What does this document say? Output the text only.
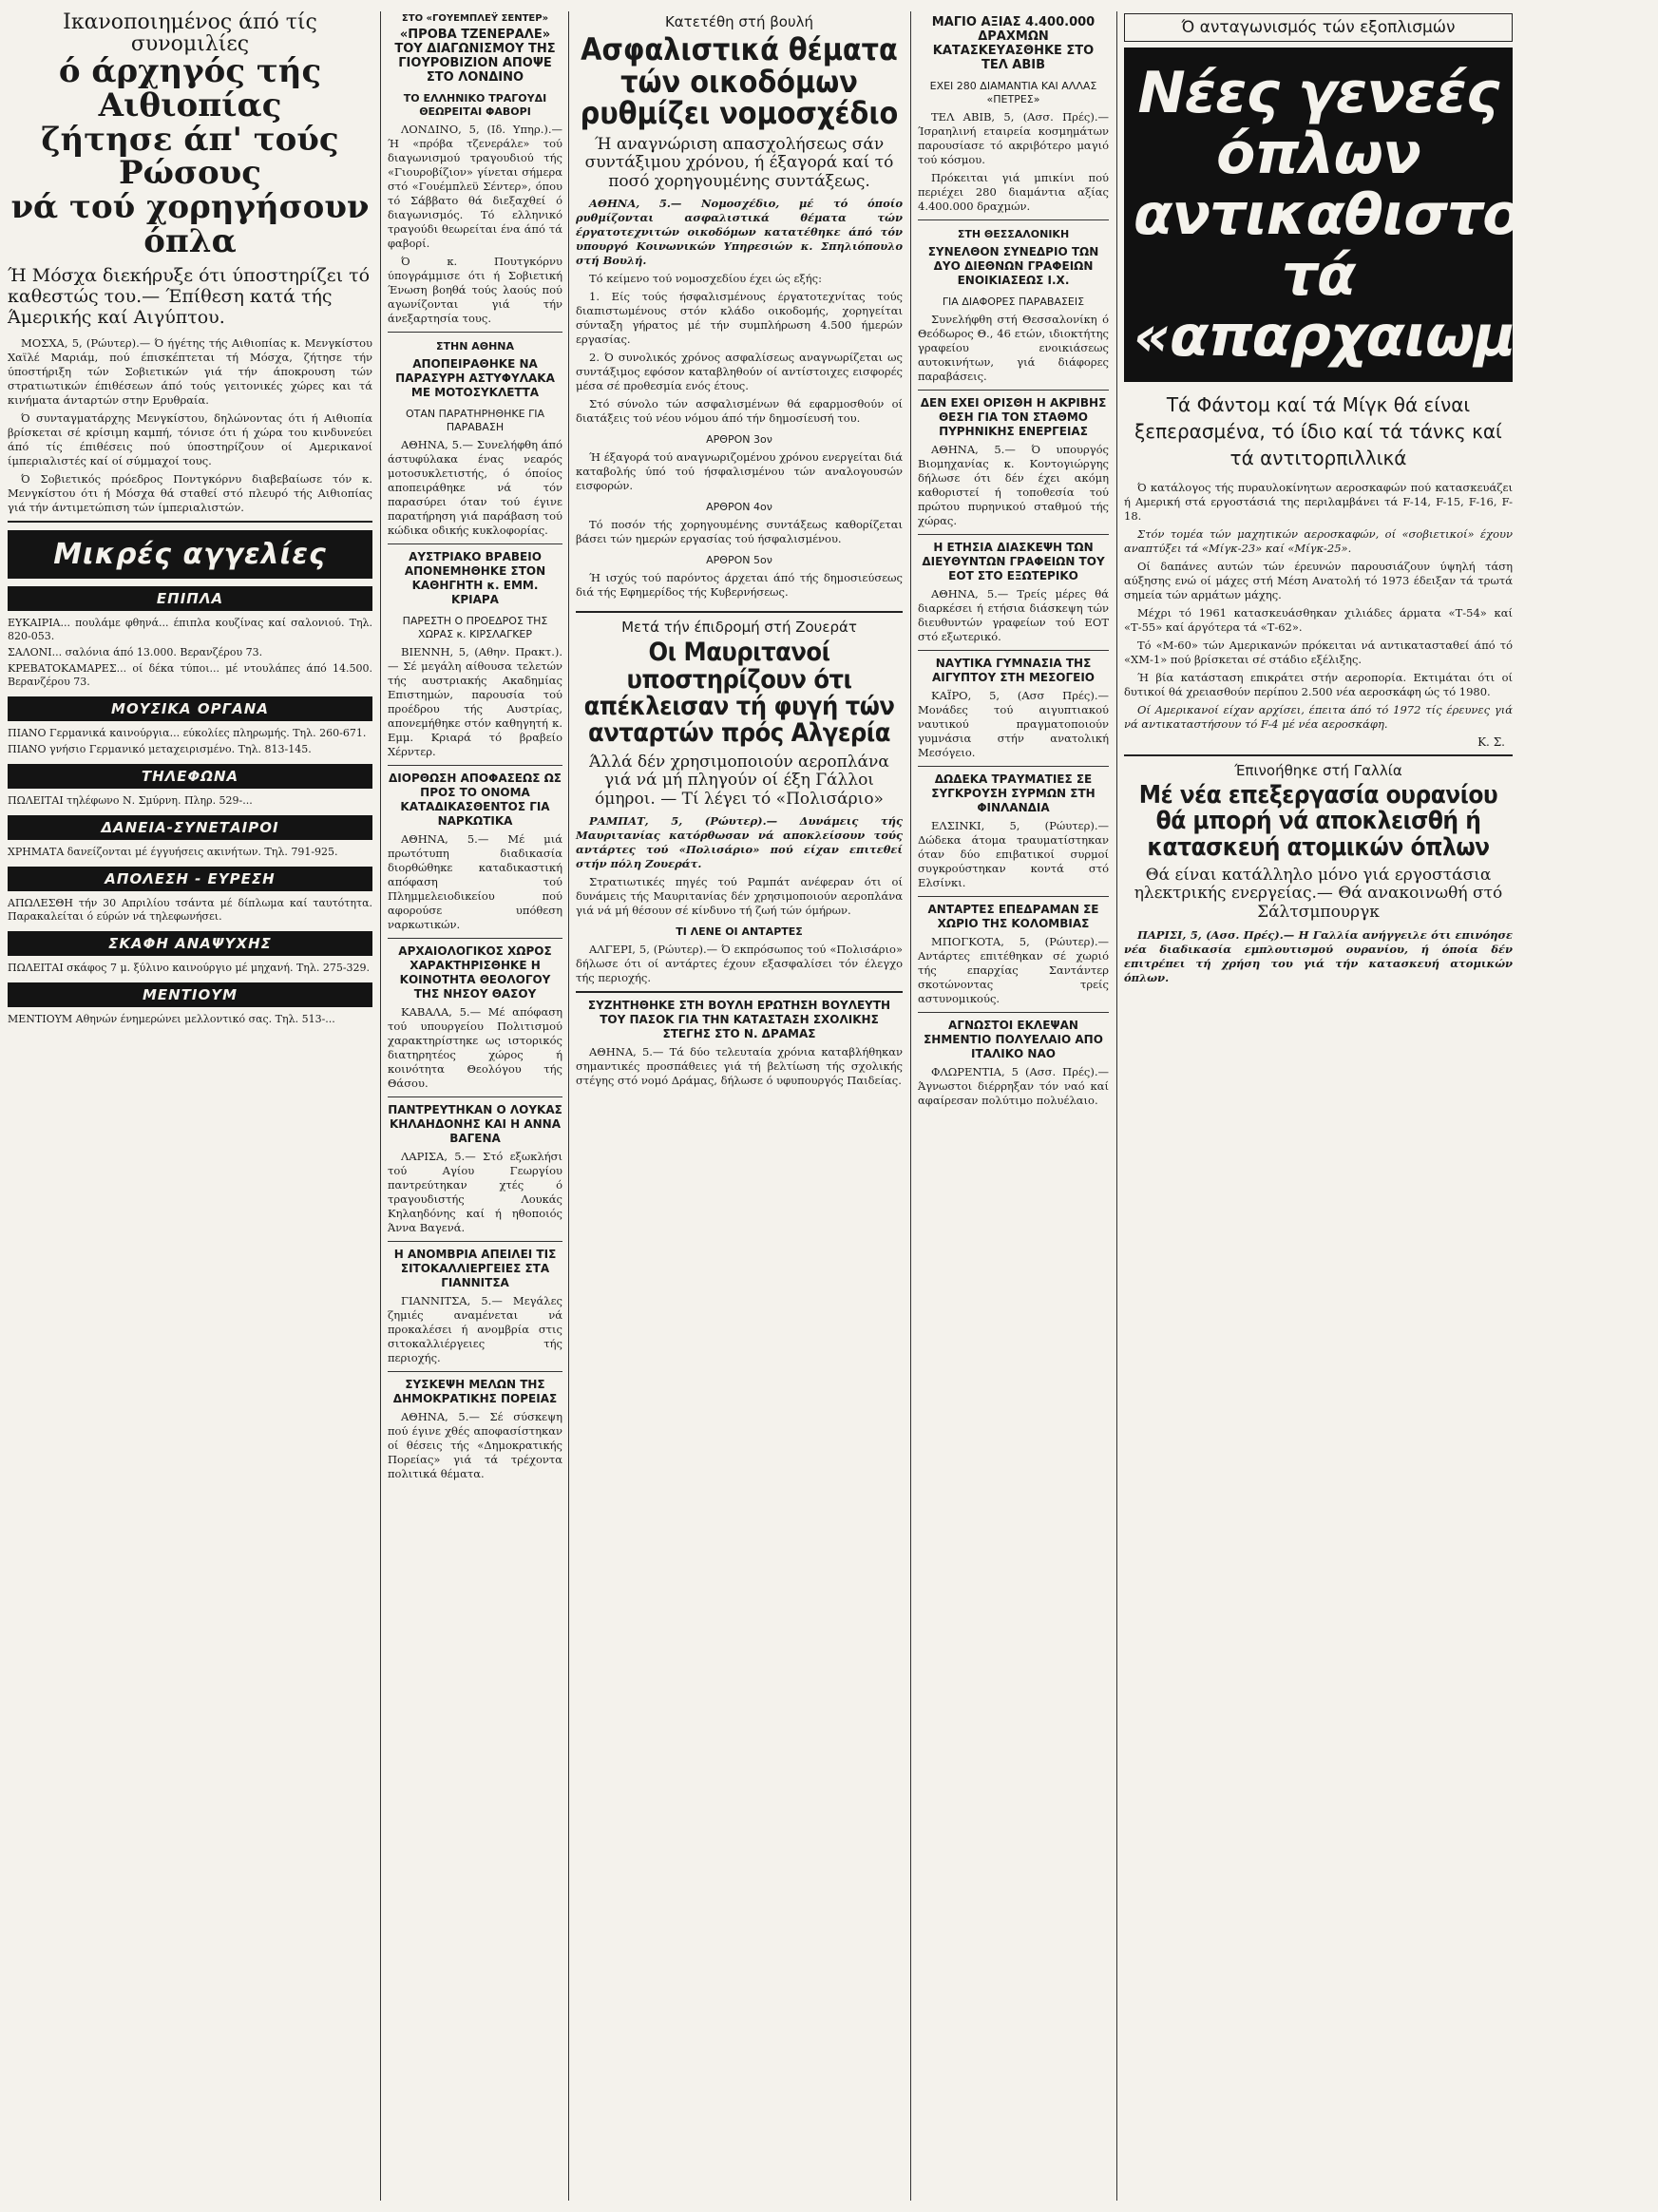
Ικανοποιημένος άπό τίς συνομιλίες
ό άρχηγός τής Αιθιοπίας
ζήτησε άπ' τούς Ρώσους
νά τού χορηγήσουν όπλα
Ή Μόσχα διεκήρυξε ότι ύποστηρίζει τό καθεστώς του.— Έπίθεση κατά τής Άμερικής καί Αιγύπτου.

ΜΟΣΧΑ, 5, (Ρώυτερ).— Ό ήγέτης τής Αιθιοπίας κ. Μενγκίστου Χαϊλέ Μαριάμ, πού έπισκέπτεται τή Μόσχα, ζήτησε τήν ύποστήριξη τών Σοβιετικών γιά τήν άποκρουση τών στρατιωτικών έπιθέσεων άπό τούς γειτονικές χώρες και τά κινήματα άνταρτών στην Ερυθραία.

Ό συνταγματάρχης Μενγκίστου, δηλώνοντας ότι ή Αιθιοπία βρίσκεται σέ κρίσιμη καμπή, τόνισε ότι ή χώρα του κινδυνεύει άπό τίς έπιθέσεις πού ύποστηρίζουν οί Αμερικανοί ίμπεριαλιστές καί οί σύμμαχοί τους.

Ό Σοβιετικός πρόεδρος Ποντγκόρνυ διαβεβαίωσε τόν κ. Μενγκίστου ότι ή Μόσχα θά σταθεί στό πλευρό τής Αιθιοπίας γιά τήν άντιμετώπιση τών ίμπεριαλιστών.

Μικρές αγγελίες
ΕΠΙΠΛΑ

ΕΥΚΑΙΡΙΑ... πουλάμε φθηνά... έπιπλα κουζίνας καί σαλονιού. Τηλ. 820-053.

ΣΑΛΟΝΙ... σαλόνια άπό 13.000. Βερανζέρου 73.

ΚΡΕΒΑΤΟΚΑΜΑΡΕΣ... οί δέκα τύποι... μέ ντουλάπες άπό 14.500. Βερανζέρου 73.

ΜΟΥΣΙΚΑ ΟΡΓΑΝΑ

ΠΙΑΝΟ Γερμανικά καινούργια... εύκολίες πληρωμής. Τηλ. 260-671.

ΠΙΑΝΟ γνήσιο Γερμανικό μεταχειρισμένο. Τηλ. 813-145.

ΤΗΛΕΦΩΝΑ

ΠΩΛΕΙΤΑΙ τηλέφωνο Ν. Σμύρνη. Πληρ. 529-...

ΔΑΝΕΙΑ-ΣΥΝΕΤΑΙΡΟΙ

ΧΡΗΜΑΤΑ δανείζονται μέ έγγυήσεις ακινήτων. Τηλ. 791-925.

ΑΠΟΛΕΣΗ - ΕΥΡΕΣΗ

ΑΠΩΛΕΣΘΗ τήν 30 Απριλίου τσάντα μέ δίπλωμα καί ταυτότητα. Παρακαλείται ό εύρών νά τηλεφωνήσει.

ΣΚΑΦΗ ΑΝΑΨΥΧΗΣ

ΠΩΛΕΙΤΑΙ σκάφος 7 μ. ξύλινο καινούργιο μέ μηχανή. Τηλ. 275-329.

ΜΕΝΤΙΟΥΜ

ΜΕΝΤΙΟΥΜ Αθηνών ένημερώνει μελλοντικό σας. Τηλ. 513-...

ΣΤΟ «ΓΟΥΕΜΠΛΕΫ ΣΕΝΤΕΡ»
«ΠΡΟΒΑ ΤΖΕΝΕΡΑΛΕ» ΤΟΥ ΔΙΑΓΩΝΙΣΜΟΥ ΤΗΣ ΓΙΟΥΡΟΒΙΖΙΟΝ ΑΠΟΨΕ ΣΤΟ ΛΟΝΔΙΝΟ
ΤΟ ΕΛΛΗΝΙΚΟ ΤΡΑΓΟΥΔΙ ΘΕΩΡΕΙΤΑΙ ΦΑΒΟΡΙ

ΛΟΝΔΙΝΟ, 5, (Ιδ. Υπηρ.).— Ή «πρόβα τζενεράλε» τού διαγωνισμού τραγουδιού τής «Γιουροβίζιον» γίνεται σήμερα στό «Γουέμπλεϋ Σέντερ», όπου τό Σάββατο θά διεξαχθεί ό διαγωνισμός. Τό ελληνικό τραγούδι θεωρείται ένα άπό τά φαβορί.

Ό κ. Πουτγκόρνυ ύπογράμμισε ότι ή Σοβιετική Ένωση βοηθά τούς λαούς πού αγωνίζονται γιά τήν άνεξαρτησία τους.

ΣΤΗΝ ΑΘΗΝΑ
ΑΠΟΠΕΙΡΑΘΗΚΕ ΝΑ ΠΑΡΑΣΥΡΗ ΑΣΤΥΦΥΛΑΚΑ ΜΕ ΜΟΤΟΣΥΚΛΕΤΤΑ
ΟΤΑΝ ΠΑΡΑΤΗΡΗΘΗΚΕ ΓΙΑ ΠΑΡΑΒΑΣΗ

ΑΘΗΝΑ, 5.— Συνελήφθη άπό άστυφύλακα ένας νεαρός μοτοσυκλετιστής, ό όποίος αποπειράθηκε νά τόν παρασύρει όταν τού έγινε παρατήρηση γιά παράβαση τού κώδικα οδικής κυκλοφορίας.

ΑΥΣΤΡΙΑΚΟ ΒΡΑΒΕΙΟ ΑΠΟΝΕΜΗΘΗΚΕ ΣΤΟΝ ΚΑΘΗΓΗΤΗ κ. ΕΜΜ. ΚΡΙΑΡΑ
ΠΑΡΕΣΤΗ Ο ΠΡΟΕΔΡΟΣ ΤΗΣ ΧΩΡΑΣ κ. ΚΙΡΣΛΑΓΚΕΡ

ΒΙΕΝΝΗ, 5, (Αθην. Πρακτ.).— Σέ μεγάλη αίθουσα τελετών τής αυστριακής Ακαδημίας Επιστημών, παρουσία τού προέδρου τής Αυστρίας, απονεμήθηκε στόν καθηγητή κ. Εμμ. Κριαρά τό βραβείο Χέρντερ.

ΔΙΟΡΘΩΣΗ ΑΠΟΦΑΣΕΩΣ ΩΣ ΠΡΟΣ ΤΟ ΟΝΟΜΑ ΚΑΤΑΔΙΚΑΣΘΕΝΤΟΣ ΓΙΑ ΝΑΡΚΩΤΙΚΑ

ΑΘΗΝΑ, 5.— Μέ μιά πρωτότυπη διαδικασία διορθώθηκε καταδικαστική απόφαση τού Πλημμελειοδικείου πού αφορούσε υπόθεση ναρκωτικών.

ΑΡΧΑΙΟΛΟΓΙΚΟΣ ΧΩΡΟΣ ΧΑΡΑΚΤΗΡΙΣΘΗΚΕ Η ΚΟΙΝΟΤΗΤΑ ΘΕΟΛΟΓΟΥ ΤΗΣ ΝΗΣΟΥ ΘΑΣΟΥ

ΚΑΒΑΛΑ, 5.— Μέ απόφαση τού υπουργείου Πολιτισμού χαρακτηρίστηκε ως ιστορικός διατηρητέος χώρος ή κοινότητα Θεολόγου τής Θάσου.

ΠΑΝΤΡΕΥΤΗΚΑΝ Ο ΛΟΥΚΑΣ ΚΗΛΑΗΔΟΝΗΣ ΚΑΙ Η ΑΝΝΑ ΒΑΓΕΝΑ

ΛΑΡΙΣΑ, 5.— Στό εξωκλήσι τού Αγίου Γεωργίου παντρεύτηκαν χτές ό τραγουδιστής Λουκάς Κηλαηδόνης καί ή ηθοποιός Άννα Βαγενά.

Η ΑΝΟΜΒΡΙΑ ΑΠΕΙΛΕΙ ΤΙΣ ΣΙΤΟΚΑΛΛΙΕΡΓΕΙΕΣ ΣΤΑ ΓΙΑΝΝΙΤΣΑ

ΓΙΑΝΝΙΤΣΑ, 5.— Μεγάλες ζημιές αναμένεται νά προκαλέσει ή ανομβρία στις σιτοκαλλιέργειες τής περιοχής.

ΣΥΣΚΕΨΗ ΜΕΛΩΝ ΤΗΣ ΔΗΜΟΚΡΑΤΙΚΗΣ ΠΟΡΕΙΑΣ

ΑΘΗΝΑ, 5.— Σέ σύσκεψη πού έγινε χθές αποφασίστηκαν οί θέσεις τής «Δημοκρατικής Πορείας» γιά τά τρέχοντα πολιτικά θέματα.

Κατετέθη στή βουλή
Ασφαλιστικά θέματα τών οικοδόμων ρυθμίζει νομοσχέδιο
Ή αναγνώριση απασχολήσεως σάν συντάξιμου χρόνου, ή έξαγορά καί τό ποσό χορηγουμένης συντάξεως.

ΑΘΗΝΑ, 5.— Νομοσχέδιο, μέ τό όποίο ρυθμίζονται ασφαλιστικά θέματα τών έργατοτεχνιτών οικοδόμων κατατέθηκε άπό τόν υπουργό Κοινωνικών Υπηρεσιών κ. Σπηλιόπουλο στή Βουλή.

Τό κείμενο τού νομοσχεδίου έχει ώς εξής:

1. Είς τούς ήσφαλισμένους έργατοτεχνίτας τούς διαπιστωμένους στόν κλάδο οικοδομής, χορηγείται σύνταξη γήρατος μέ τήν συμπλήρωση 4.500 ήμερών εργασίας.

2. Ό συνολικός χρόνος ασφαλίσεως αναγνωρίζεται ως συντάξιμος εφόσον καταβληθούν οί αντίστοιχες εισφορές μέσα σέ προθεσμία ενός έτους.

Στό σύνολο τών ασφαλισμένων θά εφαρμοσθούν οί διατάξεις τού νέου νόμου άπό τήν δημοσίευσή του.

ΑΡΘΡΟΝ 3ον

Ή έξαγορά τού αναγνωριζομένου χρόνου ενεργείται διά καταβολής ύπό τού ήσφαλισμένου τών αναλογουσών εισφορών.

ΑΡΘΡΟΝ 4ον

Τό ποσόν τής χορηγουμένης συντάξεως καθορίζεται βάσει τών ημερών εργασίας τού ήσφαλισμένου.

ΑΡΘΡΟΝ 5ον

Ή ισχύς τού παρόντος άρχεται άπό τής δημοσιεύσεως διά τής Εφημερίδος τής Κυβερνήσεως.

Μετά τήν έπιδρομή στή Ζουεράτ
Οι Μαυριτανοί υποστηρίζουν ότι απέκλεισαν τή φυγή τών ανταρτών πρός Αλγερία
Άλλά δέν χρησιμοποιούν αεροπλάνα γιά νά μή πληγούν οί έξη Γάλλοι όμηροι. — Τί λέγει τό «Πολισάριο»

ΡΑΜΠΑΤ, 5, (Ρώυτερ).— Δυνάμεις τής Μαυριτανίας κατόρθωσαν νά αποκλείσουν τούς αντάρτες τού «Πολισάριο» πού είχαν επιτεθεί στήν πόλη Ζουεράτ.

Στρατιωτικές πηγές τού Ραμπάτ ανέφεραν ότι οί δυνάμεις τής Μαυριτανίας δέν χρησιμοποιούν αεροπλάνα γιά νά μή θέσουν σέ κίνδυνο τή ζωή τών όμήρων.

ΤΙ ΛΕΝΕ ΟΙ ΑΝΤΑΡΤΕΣ

ΑΛΓΕΡΙ, 5, (Ρώυτερ).— Ό εκπρόσωπος τού «Πολισάριο» δήλωσε ότι οί αντάρτες έχουν εξασφαλίσει τόν έλεγχο τής περιοχής.

ΣΥΖΗΤΗΘΗΚΕ ΣΤΗ ΒΟΥΛΗ ΕΡΩΤΗΣΗ ΒΟΥΛΕΥΤΗ ΤΟΥ ΠΑΣΟΚ ΓΙΑ ΤΗΝ ΚΑΤΑΣΤΑΣΗ ΣΧΟΛΙΚΗΣ ΣΤΕΓΗΣ ΣΤΟ Ν. ΔΡΑΜΑΣ

ΑΘΗΝΑ, 5.— Τά δύο τελευταία χρόνια καταβλήθηκαν σημαντικές προσπάθειες γιά τή βελτίωση τής σχολικής στέγης στό νομό Δράμας, δήλωσε ό υφυπουργός Παιδείας.

ΜΑΓΙΟ ΑΞΙΑΣ 4.400.000 ΔΡΑΧΜΩΝ ΚΑΤΑΣΚΕΥΑΣΘΗΚΕ ΣΤΟ ΤΕΛ ΑΒΙΒ
ΕΧΕΙ 280 ΔΙΑΜΑΝΤΙΑ ΚΑΙ ΑΛΛΑΣ «ΠΕΤΡΕΣ»

ΤΕΛ ΑΒΙΒ, 5, (Ασσ. Πρές).— Ίσραηλινή εταιρεία κοσμημάτων παρουσίασε τό ακριβότερο μαγιό τού κόσμου.

Πρόκειται γιά μπικίνι πού περιέχει 280 διαμάντια αξίας 4.400.000 δραχμών.

ΣΤΗ ΘΕΣΣΑΛΟΝΙΚΗ
ΣΥΝΕΛΘΟΝ ΣΥΝΕΔΡΙΟ ΤΩΝ ΔΥΟ ΔΙΕΘΝΩΝ ΓΡΑΦΕΙΩΝ ΕΝΟΙΚΙΑΣΕΩΣ Ι.Χ.
ΓΙΑ ΔΙΑΦΟΡΕΣ ΠΑΡΑΒΑΣΕΙΣ

Συνελήφθη στή Θεσσαλονίκη ό Θεόδωρος Θ., 46 ετών, ιδιοκτήτης γραφείου ενοικιάσεως αυτοκινήτων, γιά διάφορες παραβάσεις.

ΔΕΝ ΕΧΕΙ ΟΡΙΣΘΗ Η ΑΚΡΙΒΗΣ ΘΕΣΗ ΓΙΑ ΤΟΝ ΣΤΑΘΜΟ ΠΥΡΗΝΙΚΗΣ ΕΝΕΡΓΕΙΑΣ

ΑΘΗΝΑ, 5.— Ό υπουργός Βιομηχανίας κ. Κοντογιώργης δήλωσε ότι δέν έχει ακόμη καθοριστεί ή τοποθεσία τού πρώτου πυρηνικού σταθμού τής χώρας.

Η ΕΤΗΣΙΑ ΔΙΑΣΚΕΨΗ ΤΩΝ ΔΙΕΥΘΥΝΤΩΝ ΓΡΑΦΕΙΩΝ ΤΟΥ ΕΟΤ ΣΤΟ ΕΞΩΤΕΡΙΚΟ

ΑΘΗΝΑ, 5.— Τρείς μέρες θά διαρκέσει ή ετήσια διάσκεψη τών διευθυντών γραφείων τού ΕΟΤ στό εξωτερικό.

ΝΑΥΤΙΚΑ ΓΥΜΝΑΣΙΑ ΤΗΣ ΑΙΓΥΠΤΟΥ ΣΤΗ ΜΕΣΟΓΕΙΟ

ΚΑΪΡΟ, 5, (Ασσ Πρές).— Μονάδες τού αιγυπτιακού ναυτικού πραγματοποιούν γυμνάσια στήν ανατολική Μεσόγειο.

ΔΩΔΕΚΑ ΤΡΑΥΜΑΤΙΕΣ ΣΕ ΣΥΓΚΡΟΥΣΗ ΣΥΡΜΩΝ ΣΤΗ ΦΙΝΛΑΝΔΙΑ

ΕΛΣΙΝΚΙ, 5, (Ρώυτερ).— Δώδεκα άτομα τραυματίστηκαν όταν δύο επιβατικοί συρμοί συγκρούστηκαν κοντά στό Ελσίνκι.

ΑΝΤΑΡΤΕΣ ΕΠΕΔΡΑΜΑΝ ΣΕ ΧΩΡΙΟ ΤΗΣ ΚΟΛΟΜΒΙΑΣ

ΜΠΟΓΚΟΤΑ, 5, (Ρώυτερ).— Αντάρτες επιτέθηκαν σέ χωριό τής επαρχίας Σαντάντερ σκοτώνοντας τρείς αστυνομικούς.

ΑΓΝΩΣΤΟΙ ΕΚΛΕΨΑΝ ΣΗΜΕΝΤΙΟ ΠΟΛΥΕΛΑΙΟ ΑΠΟ ΙΤΑΛΙΚΟ ΝΑΟ

ΦΛΩΡΕΝΤΙΑ, 5 (Ασσ. Πρές).— Άγνωστοι διέρρηξαν τόν ναό καί αφαίρεσαν πολύτιμο πολυέλαιο.

Ό ανταγωνισμός τών εξοπλισμών
Νέες γενεές όπλων αντικαθιστούν τά «απαρχαιωμένα»
Τά Φάντομ καί τά Μίγκ θά είναι ξεπερασμένα, τό ίδιο καί τά τάνκς καί τά αντιτορπιλλικά

Ό κατάλογος τής πυραυλοκίνητων αεροσκαφών πού κατασκευάζει ή Αμερική στά εργοστάσιά της περιλαμβάνει τά F-14, F-15, F-16, F-18.

Στόν τομέα τών μαχητικών αεροσκαφών, οί «σοβιετικοί» έχουν αναπτύξει τά «Μίγκ-23» καί «Μίγκ-25».

Οί δαπάνες αυτών τών έρευνών παρουσιάζουν ύψηλή τάση αύξησης ενώ οί μάχες στή Μέση Ανατολή τό 1973 έδειξαν τά τρωτά σημεία τών αρμάτων μάχης.

Μέχρι τό 1961 κατασκευάσθηκαν χιλιάδες άρματα «Τ-54» καί «Τ-55» καί άργότερα τά «Τ-62».

Τό «Μ-60» τών Αμερικανών πρόκειται νά αντικατασταθεί άπό τό «ΧΜ-1» πού βρίσκεται σέ στάδιο εξέλιξης.

Ή βία κατάσταση επικράτει στήν αεροπορία. Εκτιμάται ότι οί δυτικοί θά χρειασθούν περίπου 2.500 νέα αεροσκάφη ώς τό 1980.

Οί Αμερικανοί είχαν αρχίσει, έπειτα άπό τό 1972 τίς έρευνες γιά νά αντικαταστήσουν τό F-4 μέ νέα αεροσκάφη.

Κ. Σ.
Έπινοήθηκε στή Γαλλία
Μέ νέα επεξεργασία ουρανίου θά μπορή νά αποκλεισθή ή κατασκευή ατομικών όπλων
Θά είναι κατάλληλο μόνο γιά εργοστάσια ηλεκτρικής ενεργείας.— Θά ανακοινωθή στό Σάλτσμπουργκ

ΠΑΡΙΣΙ, 5, (Ασσ. Πρές).— Η Γαλλία ανήγγειλε ότι επινόησε νέα διαδικασία εμπλουτισμού ουρανίου, ή όποία δέν επιτρέπει τή χρήση του γιά τήν κατασκευή ατομικών όπλων.
